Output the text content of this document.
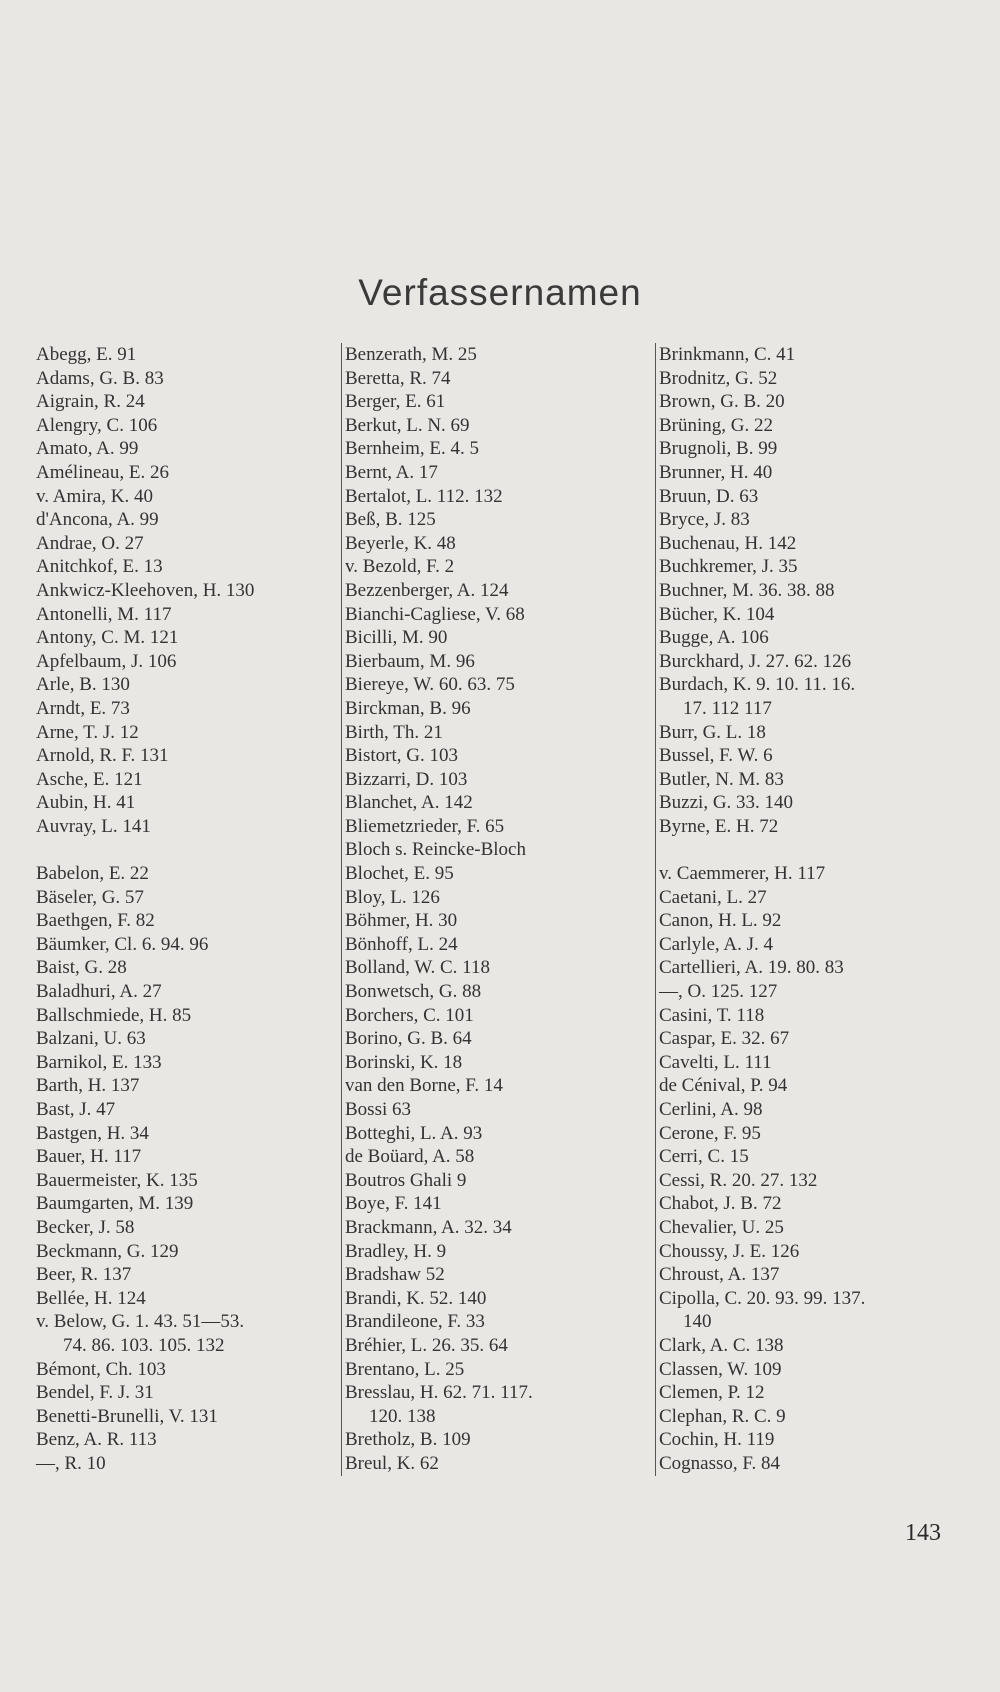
Verfassernamen
Abegg, E. 91
Adams, G. B. 83
Aigrain, R. 24
Alengry, C. 106
Amato, A. 99
Amélineau, E. 26
v. Amira, K. 40
d'Ancona, A. 99
Andrae, O. 27
Anitchkof, E. 13
Ankwicz-Kleehoven, H. 130
Antonelli, M. 117
Antony, C. M. 121
Apfelbaum, J. 106
Arle, B. 130
Arndt, E. 73
Arne, T. J. 12
Arnold, R. F. 131
Asche, E. 121
Aubin, H. 41
Auvray, L. 141
Babelon, E. 22
Bäseler, G. 57
Baethgen, F. 82
Bäumker, Cl. 6. 94. 96
Baist, G. 28
Baladhuri, A. 27
Ballschmiede, H. 85
Balzani, U. 63
Barnikol, E. 133
Barth, H. 137
Bast, J. 47
Bastgen, H. 34
Bauer, H. 117
Bauermeister, K. 135
Baumgarten, M. 139
Becker, J. 58
Beckmann, G. 129
Beer, R. 137
Bellée, H. 124
v. Below, G. 1. 43. 51—53.
74. 86. 103. 105. 132
Bémont, Ch. 103
Bendel, F. J. 31
Benetti-Brunelli, V. 131
Benz, A. R. 113
—, R. 10
Benzerath, M. 25
Beretta, R. 74
Berger, E. 61
Berkut, L. N. 69
Bernheim, E. 4. 5
Bernt, A. 17
Bertalot, L. 112. 132
Beß, B. 125
Beyerle, K. 48
v. Bezold, F. 2
Bezzenberger, A. 124
Bianchi-Cagliese, V. 68
Bicilli, M. 90
Bierbaum, M. 96
Biereye, W. 60. 63. 75
Birckman, B. 96
Birth, Th. 21
Bistort, G. 103
Bizzarri, D. 103
Blanchet, A. 142
Bliemetzrieder, F. 65
Bloch s. Reincke-Bloch
Blochet, E. 95
Bloy, L. 126
Böhmer, H. 30
Bönhoff, L. 24
Bolland, W. C. 118
Bonwetsch, G. 88
Borchers, C. 101
Borino, G. B. 64
Borinski, K. 18
van den Borne, F. 14
Bossi 63
Botteghi, L. A. 93
de Boüard, A. 58
Boutros Ghali 9
Boye, F. 141
Brackmann, A. 32. 34
Bradley, H. 9
Bradshaw 52
Brandi, K. 52. 140
Brandileone, F. 33
Bréhier, L. 26. 35. 64
Brentano, L. 25
Bresslau, H. 62. 71. 117.
120. 138
Bretholz, B. 109
Breul, K. 62
Brinkmann, C. 41
Brodnitz, G. 52
Brown, G. B. 20
Brüning, G. 22
Brugnoli, B. 99
Brunner, H. 40
Bruun, D. 63
Bryce, J. 83
Buchenau, H. 142
Buchkremer, J. 35
Buchner, M. 36. 38. 88
Bücher, K. 104
Bugge, A. 106
Burckhard, J. 27. 62. 126
Burdach, K. 9. 10. 11. 16.
17. 112 117
Burr, G. L. 18
Bussel, F. W. 6
Butler, N. M. 83
Buzzi, G. 33. 140
Byrne, E. H. 72
v. Caemmerer, H. 117
Caetani, L. 27
Canon, H. L. 92
Carlyle, A. J. 4
Cartellieri, A. 19. 80. 83
—, O. 125. 127
Casini, T. 118
Caspar, E. 32. 67
Cavelti, L. 111
de Cénival, P. 94
Cerlini, A. 98
Cerone, F. 95
Cerri, C. 15
Cessi, R. 20. 27. 132
Chabot, J. B. 72
Chevalier, U. 25
Choussy, J. E. 126
Chroust, A. 137
Cipolla, C. 20. 93. 99. 137.
140
Clark, A. C. 138
Classen, W. 109
Clemen, P. 12
Clephan, R. C. 9
Cochin, H. 119
Cognasso, F. 84
143
